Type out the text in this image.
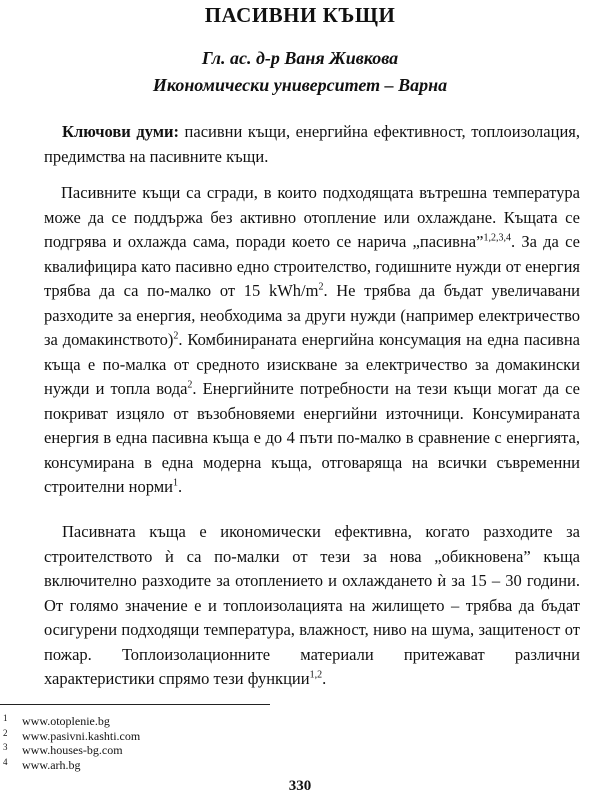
ПАСИВНИ КЪЩИ
Гл. ас. д-р Ваня Живкова
Икономически университет – Варна
Ключови думи: пасивни къщи, енергийна ефективност, топлоизолация, предимства на пасивните къщи.
Пасивните къщи са сгради, в които подходящата вътрешна температура може да се поддържа без активно отопление или охлаждане. Къщата се подгрява и охлажда сама, поради което се нарича „пасивна”$^{1,2,3,4}$. За да се квалифицира като пасивно едно строителство, годишните нужди от енергия трябва да са по-малко от 15 kWh/$m^2$. Не трябва да бъдат увеличавани разходите за енергия, необходима за други нужди (например електричество за домакинството)$^2$. Комбинираната енергийна консумация на една пасивна къща е по-малка от средното изискване за електричество за домакински нужди и топла вода$^2$. Енергийните потребности на тези къщи могат да се покриват изцяло от възобновяеми енергийни източници. Консумираната енергия в една пасивна къща е до 4 пъти по-малко в сравнение с енергията, консумирана в една модерна къща, отговаряща на всички съвременни строителни норми$^1$.
Пасивната къща е икономически ефективна, когато разходите за строителството ѝ са по-малки от тези за нова „обикновена” къща включително разходите за отоплението и охлаждането ѝ за 15 – 30 години. От голямо значение е и топлоизолацията на жилището – трябва да бъдат осигурени подходящи температура, влажност, ниво на шума, защитеност от пожар. Топлоизолационните материали притежават различни характеристики спрямо тези функции$^{1,2}$.
1 www.otoplenie.bg
2 www.pasivni.kashti.com
3 www.houses-bg.com
4 www.arh.bg
330
